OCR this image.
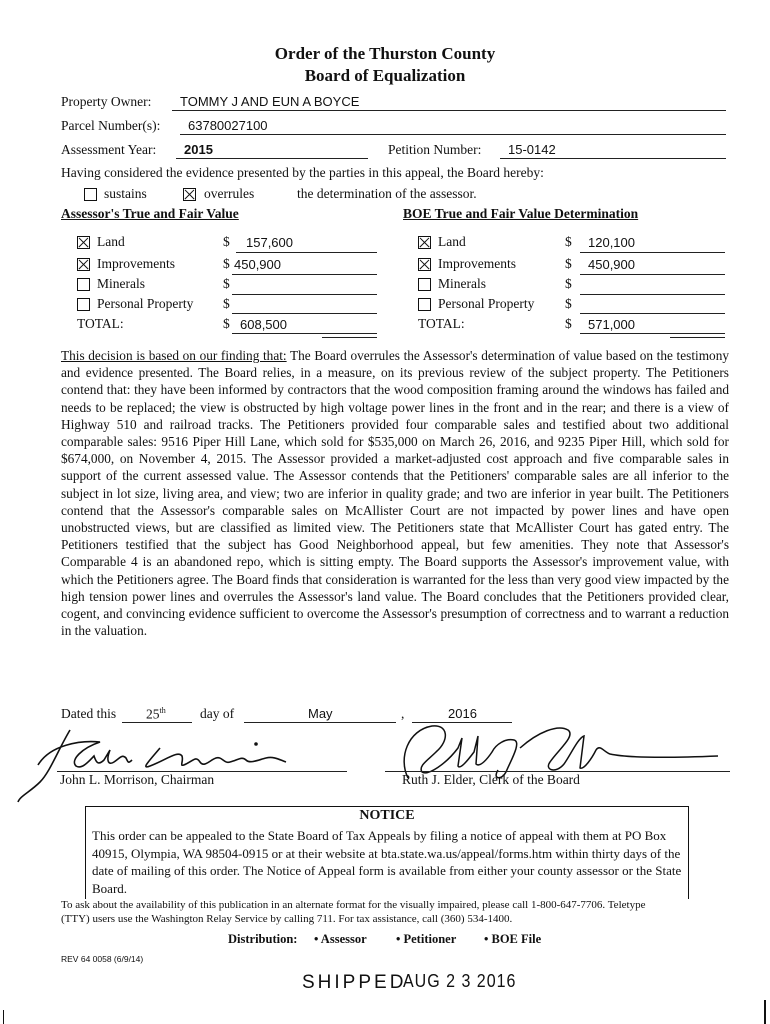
Order of the Thurston County
Board of Equalization
Property Owner: TOMMY J AND EUN A BOYCE
Parcel Number(s): 63780027100
Assessment Year: 2015	Petition Number: 15-0142
Having considered the evidence presented by the parties in this appeal, the Board hereby:
sustains	overrules	the determination of the assessor.
Assessor's True and Fair Value
Land	$ 157,600
Improvements	$ 450,900
Minerals	$
Personal Property $
TOTAL:	$ 608,500
BOE True and Fair Value Determination
Land	$ 120,100
Improvements	$ 450,900
Minerals	$
Personal Property $
TOTAL:	$ 571,000
This decision is based on our finding that: The Board overrules the Assessor's determination of value based on the testimony and evidence presented. The Board relies, in a measure, on its previous review of the subject property. The Petitioners contend that: they have been informed by contractors that the wood composition framing around the windows has failed and needs to be replaced; the view is obstructed by high voltage power lines in the front and in the rear; and there is a view of Highway 510 and railroad tracks. The Petitioners provided four comparable sales and testified about two additional comparable sales: 9516 Piper Hill Lane, which sold for $535,000 on March 26, 2016, and 9235 Piper Hill, which sold for $674,000, on November 4, 2015. The Assessor provided a market-adjusted cost approach and five comparable sales in support of the current assessed value. The Assessor contends that the Petitioners' comparable sales are all inferior to the subject in lot size, living area, and view; two are inferior in quality grade; and two are inferior in year built. The Petitioners contend that the Assessor's comparable sales on McAllister Court are not impacted by power lines and have open unobstructed views, but are classified as limited view. The Petitioners state that McAllister Court has gated entry. The Petitioners testified that the subject has Good Neighborhood appeal, but few amenities. They note that Assessor's Comparable 4 is an abandoned repo, which is sitting empty. The Board supports the Assessor's improvement value, with which the Petitioners agree. The Board finds that consideration is warranted for the less than very good view impacted by the high tension power lines and overrules the Assessor's land value. The Board concludes that the Petitioners provided clear, cogent, and convincing evidence sufficient to overcome the Assessor's presumption of correctness and to warrant a reduction in the valuation.
Dated this 25th	day of	May	,	2016
John L. Morrison, Chairman	Ruth J. Elder, Clerk of the Board
NOTICE
This order can be appealed to the State Board of Tax Appeals by filing a notice of appeal with them at PO Box 40915, Olympia, WA 98504-0915 or at their website at bta.state.wa.us/appeal/forms.htm within thirty days of the date of mailing of this order. The Notice of Appeal form is available from either your county assessor or the State Board.
To ask about the availability of this publication in an alternate format for the visually impaired, please call 1-800-647-7706. Teletype (TTY) users use the Washington Relay Service by calling 711. For tax assistance, call (360) 534-1400.
Distribution: • Assessor • Petitioner • BOE File
REV 64 0058 (6/9/14)
SHIPPED
AUG 2 3 2016
